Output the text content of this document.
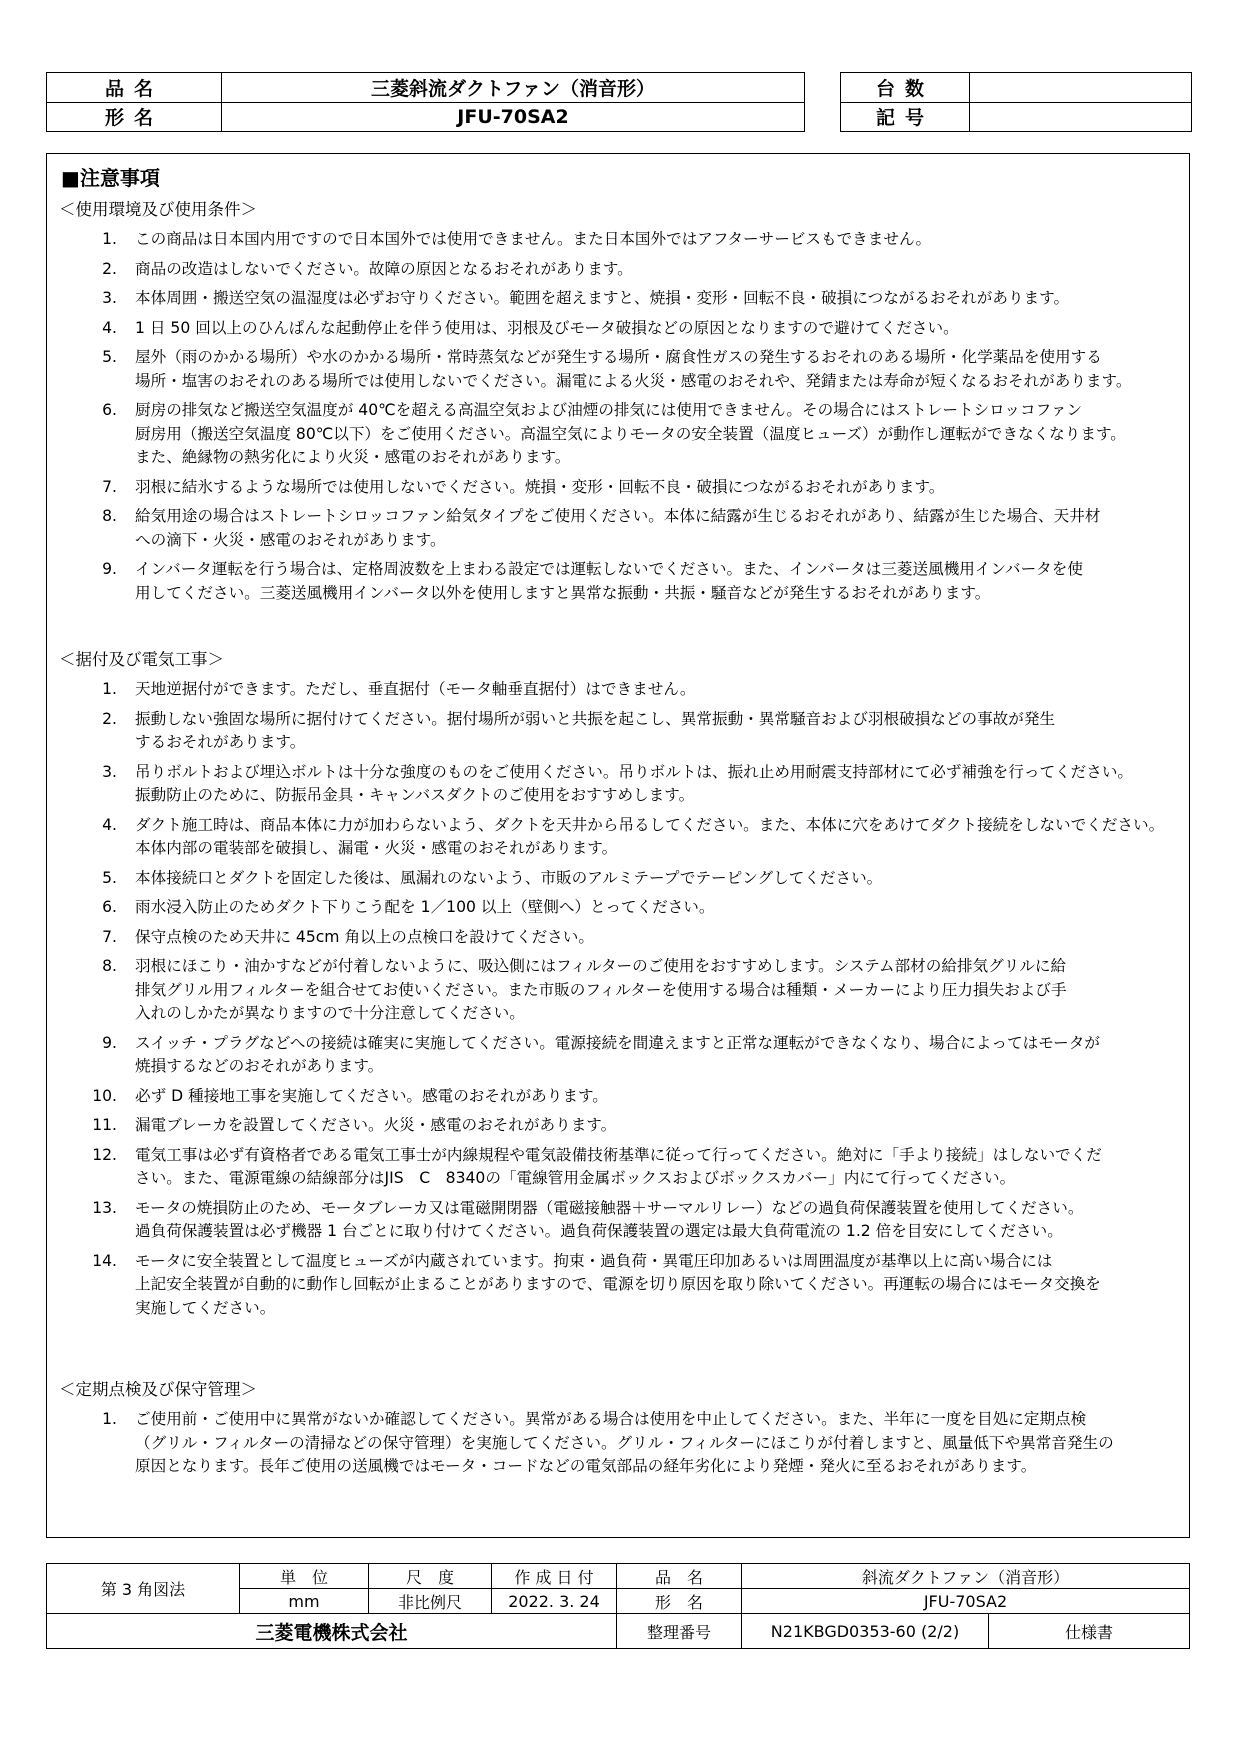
品名	三菱斜流ダクトファン（消音形）
形名	JFU-70SA2
台数	
記号	
■注意事項
＜使用環境及び使用条件＞
1. この商品は日本国内用ですので日本国外では使用できません。また日本国外ではアフターサービスもできません。
2. 商品の改造はしないでください。故障の原因となるおそれがあります。
3. 本体周囲・搬送空気の温湿度は必ずお守りください。範囲を超えますと、焼損・変形・回転不良・破損につながるおそれがあります。
4. 1 日 50 回以上のひんぱんな起動停止を伴う使用は、羽根及びモータ破損などの原因となりますので避けてください。
5. 屋外（雨のかかる場所）や水のかかる場所・常時蒸気などが発生する場所・腐食性ガスの発生するおそれのある場所・化学薬品を使用する
場所・塩害のおそれのある場所では使用しないでください。漏電による火災・感電のおそれや、発錆または寿命が短くなるおそれがあります。
6. 厨房の排気など搬送空気温度が 40℃を超える高温空気および油煙の排気には使用できません。その場合にはストレートシロッコファン
厨房用（搬送空気温度 80℃以下）をご使用ください。高温空気によりモータの安全装置（温度ヒューズ）が動作し運転ができなくなります。
また、絶縁物の熱劣化により火災・感電のおそれがあります。
7. 羽根に結氷するような場所では使用しないでください。焼損・変形・回転不良・破損につながるおそれがあります。
8. 給気用途の場合はストレートシロッコファン給気タイプをご使用ください。本体に結露が生じるおそれがあり、結露が生じた場合、天井材
への滴下・火災・感電のおそれがあります。
9. インバータ運転を行う場合は、定格周波数を上まわる設定では運転しないでください。また、インバータは三菱送風機用インバータを使
用してください。三菱送風機用インバータ以外を使用しますと異常な振動・共振・騒音などが発生するおそれがあります。
＜据付及び電気工事＞
1. 天地逆据付ができます。ただし、垂直据付（モータ軸垂直据付）はできません。
2. 振動しない強固な場所に据付けてください。据付場所が弱いと共振を起こし、異常振動・異常騒音および羽根破損などの事故が発生
するおそれがあります。
3. 吊りボルトおよび埋込ボルトは十分な強度のものをご使用ください。吊りボルトは、振れ止め用耐震支持部材にて必ず補強を行ってください。
振動防止のために、防振吊金具・キャンバスダクトのご使用をおすすめします。
4. ダクト施工時は、商品本体に力が加わらないよう、ダクトを天井から吊るしてください。また、本体に穴をあけてダクト接続をしないでください。
本体内部の電装部を破損し、漏電・火災・感電のおそれがあります。
5. 本体接続口とダクトを固定した後は、風漏れのないよう、市販のアルミテープでテーピングしてください。
6. 雨水浸入防止のためダクト下りこう配を 1／100 以上（壁側へ）とってください。
7. 保守点検のため天井に 45cm 角以上の点検口を設けてください。
8. 羽根にほこり・油かすなどが付着しないように、吸込側にはフィルターのご使用をおすすめします。システム部材の給排気グリルに給
排気グリル用フィルターを組合せてお使いください。また市販のフィルターを使用する場合は種類・メーカーにより圧力損失および手
入れのしかたが異なりますので十分注意してください。
9. スイッチ・プラグなどへの接続は確実に実施してください。電源接続を間違えますと正常な運転ができなくなり、場合によってはモータが
焼損するなどのおそれがあります。
10. 必ず D 種接地工事を実施してください。感電のおそれがあります。
11. 漏電ブレーカを設置してください。火災・感電のおそれがあります。
12. 電気工事は必ず有資格者である電気工事士が内線規程や電気設備技術基準に従って行ってください。絶対に「手より接続」はしないでくだ
さい。また、電源電線の結線部分はJIS　C　8340の「電線管用金属ボックスおよびボックスカバー」内にて行ってください。
13. モータの焼損防止のため、モータブレーカ又は電磁開閉器（電磁接触器＋サーマルリレー）などの過負荷保護装置を使用してください。
過負荷保護装置は必ず機器 1 台ごとに取り付けてください。過負荷保護装置の選定は最大負荷電流の 1.2 倍を目安にしてください。
14. モータに安全装置として温度ヒューズが内蔵されています。拘束・過負荷・異電圧印加あるいは周囲温度が基準以上に高い場合には
上記安全装置が自動的に動作し回転が止まることがありますので、電源を切り原因を取り除いてください。再運転の場合にはモータ交換を
実施してください。
＜定期点検及び保守管理＞
1. ご使用前・ご使用中に異常がないか確認してください。異常がある場合は使用を中止してください。また、半年に一度を目処に定期点検
（グリル・フィルターの清掃などの保守管理）を実施してください。グリル・フィルターにほこりが付着しますと、風量低下や異常音発生の
原因となります。長年ご使用の送風機ではモータ・コードなどの電気部品の経年劣化により発煙・発火に至るおそれがあります。
第 3 角図法	単　位	尺　度	作 成 日 付	品　名	斜流ダクトファン（消音形）	
	mm	非比例尺	2022. 3. 24	形　名	JFU-70SA2	
三菱電機株式会社				整理番号	N21KBGD0353-60 (2/2)	仕様書
